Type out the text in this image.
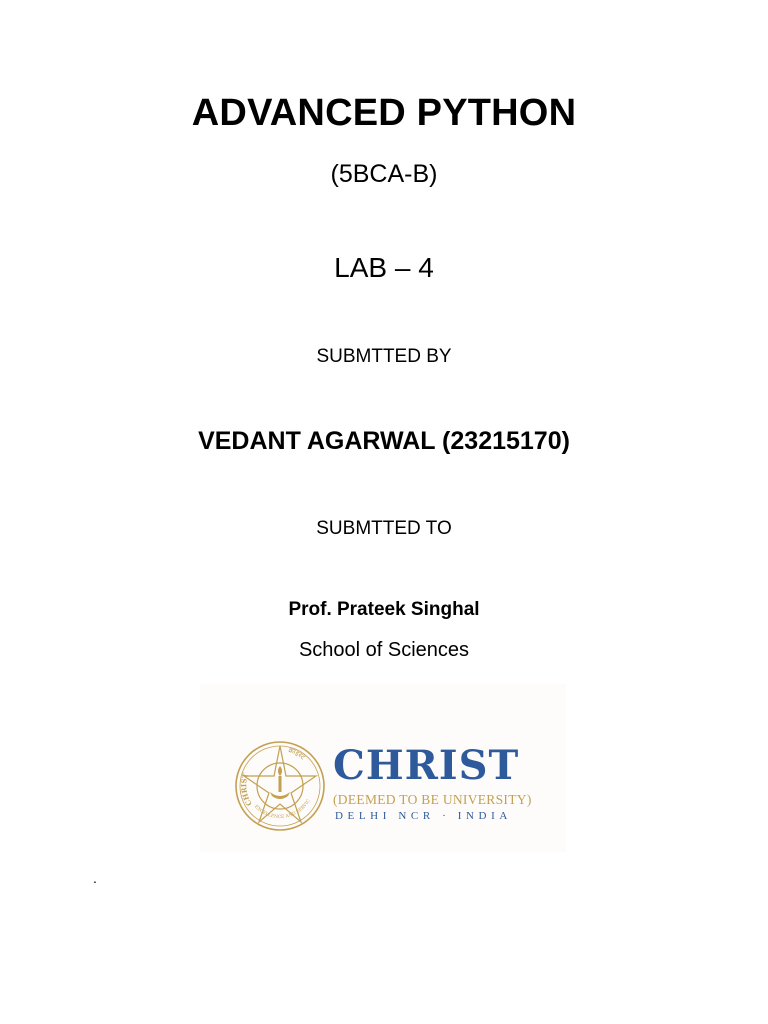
ADVANCED PYTHON
(5BCA-B)
LAB – 4
SUBMTTED BY
VEDANT AGARWAL (23215170)
SUBMTTED TO
Prof. Prateek Singhal
School of Sciences
CHRIST
क्राइस्ट
EXCELLENCE AND SERVIC
CHRIST
(DEEMED TO BE UNIVERSITY)
DELHI NCR · INDIA
.
